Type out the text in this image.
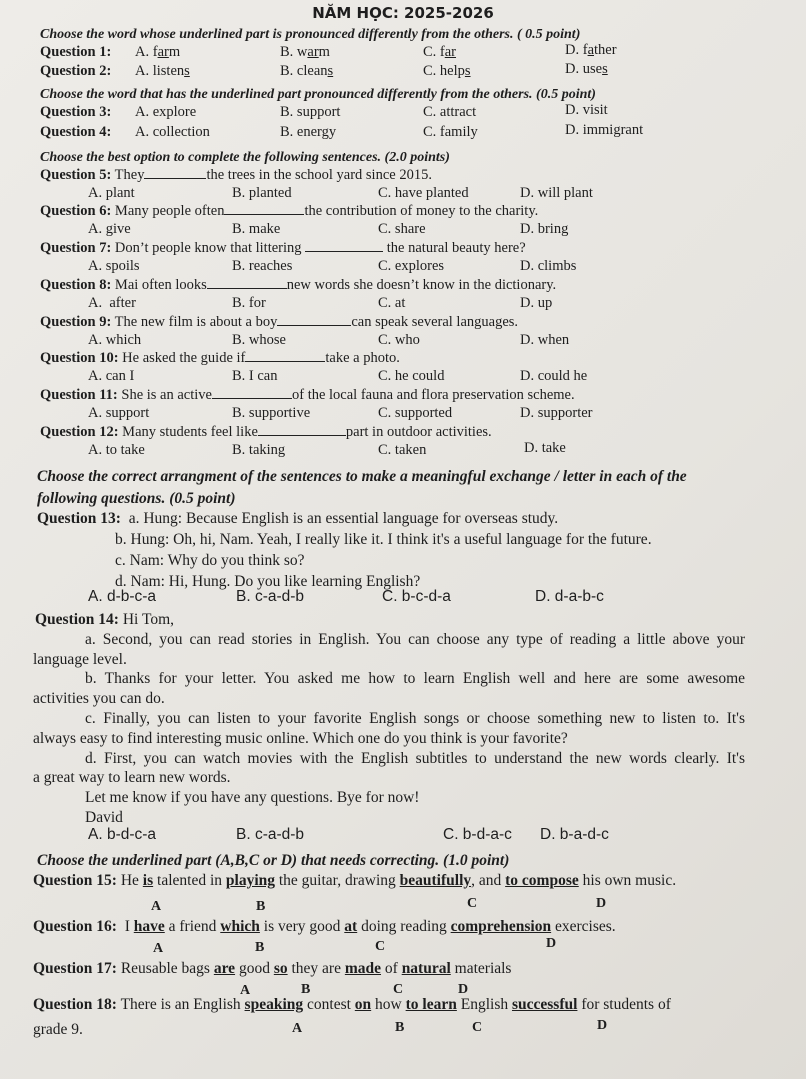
NĂM HỌC: 2025-2026
Choose the word whose underlined part is pronounced differently from the others. ( 0.5 point)
Question 1: A. farm	B. warm	C. far	D. father
Question 2: A. listens	B. cleans	C. helps	D. uses
Choose the word that has the underlined part pronounced differently from the others. (0.5 point)
Question 3: A. explore	B. support	C. attract	D. visit
Question 4: A. collection	B. energy	C. family	D. immigrant
Choose the best option to complete the following sentences. (2.0 points)
Question 5: They	the trees in the school yard since 2015.
A. plant	B. planted	C. have planted	D. will plant
Question 6: Many people often	the contribution of money to the charity.
A. give	B. make	C. share	D. bring
Question 7: Don’t people know that littering	the natural beauty here?
A. spoils	B. reaches	C. explores	D. climbs
Question 8: Mai often looks	new words she doesn’t know in the dictionary.
A.  after	B. for	C. at	D. up
Question 9: The new film is about a boy	can speak several languages.
A. which	B. whose	C. who	D. when
Question 10: He asked the guide if	take a photo.
A. can I	B. I can	C. he could	D. could he
Question 11: She is an active	of the local fauna and flora preservation scheme.
A. support	B. supportive	C. supported	D. supporter
Question 12: Many students feel like	part in outdoor activities.
A. to take	B. taking	C. taken	D. take
Choose the correct arrangment of the sentences to make a meaningful exchange / letter in each of the
following questions. (0.5 point)
Question 13: a. Hung: Because English is an essential language for overseas study.
b. Hung: Oh, hi, Nam. Yeah, I really like it. I think it's a useful language for the future.
c. Nam: Why do you think so?
d. Nam: Hi, Hung. Do you like learning English?
A. d-b-c-a	B. c-a-d-b	C. b-c-d-a	D. d-a-b-c
Question 14: Hi Tom,
a. Second, you can read stories in English. You can choose any type of reading a little above your
language level.
b. Thanks for your letter. You asked me how to learn English well and here are some awesome
activities you can do.
c. Finally, you can listen to your favorite English songs or choose something new to listen to. It's
always easy to find interesting music online. Which one do you think is your favorite?
d. First, you can watch movies with the English subtitles to understand the new words clearly. It's
a great way to learn new words.
Let me know if you have any questions. Bye for now!
David
A. b-d-c-a	B. c-a-d-b	C. b-d-a-c D. b-a-d-c
Choose the underlined part (A,B,C or D) that needs correcting. (1.0 point)
Question 15: He is talented in playing the guitar, drawing beautifully, and to compose his own music.
A	B	C	D
Question 16:  I have a friend which is very good at doing reading comprehension exercises.
A	B	C	D
Question 17: Reusable bags are good so they are made of natural materials
A	B	C	D
Question 18: There is an English speaking contest on how to learn English successful for students of
grade 9.	A	B	C	D
